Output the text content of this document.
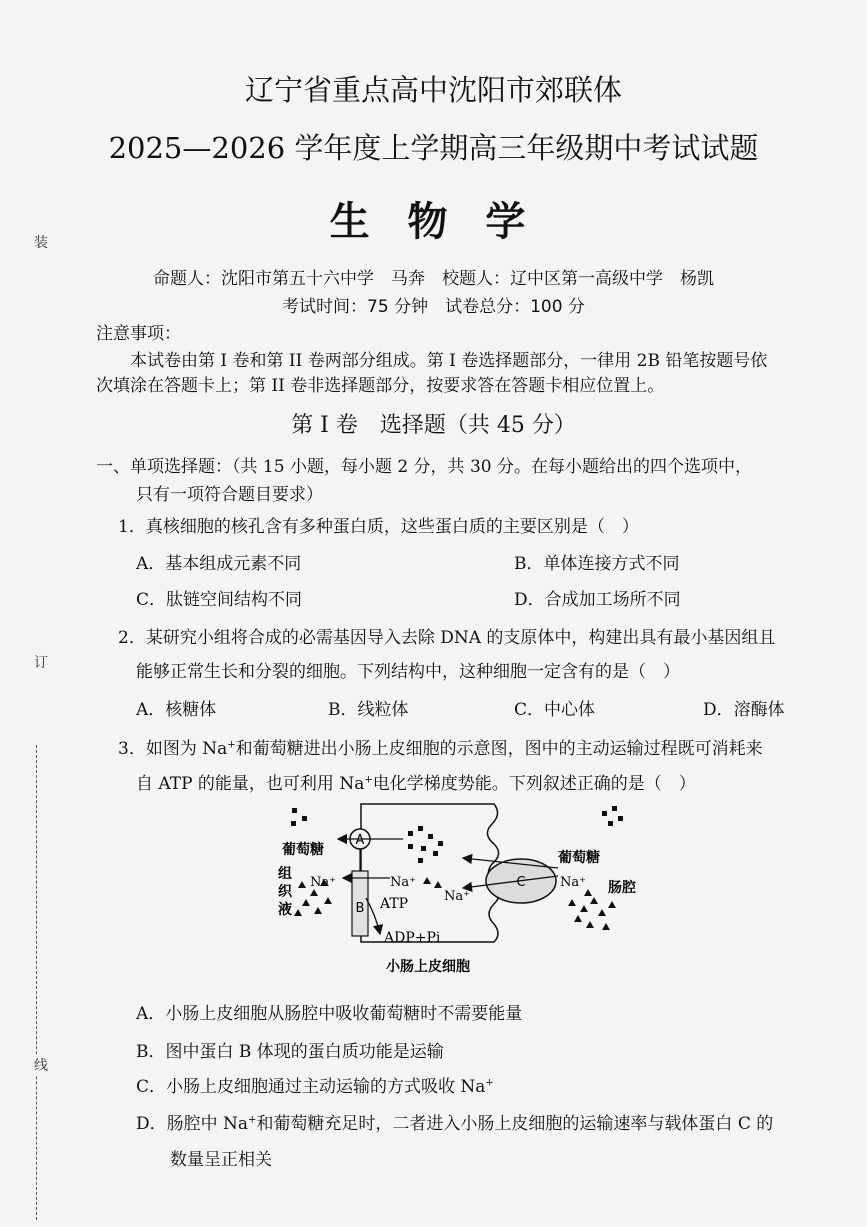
装
订
线
辽宁省重点高中沈阳市郊联体
2025—2026 学年度上学期高三年级期中考试试题
生 物 学
命题人：沈阳市第五十六中学　马奔　校题人：辽中区第一高级中学　杨凯
考试时间：75 分钟　试卷总分：100 分
注意事项：
本试卷由第 I 卷和第 II 卷两部分组成。第 I 卷选择题部分，一律用 2B 铅笔按题号依
次填涂在答题卡上；第 II 卷非选择题部分，按要求答在答题卡相应位置上。
第 I 卷　选择题（共 45 分）
一、单项选择题：（共 15 小题，每小题 2 分，共 30 分。在每小题给出的四个选项中，
只有一项符合题目要求）
1．真核细胞的核孔含有多种蛋白质，这些蛋白质的主要区别是（　）
A．基本组成元素不同	B．单体连接方式不同
C．肽链空间结构不同	D．合成加工场所不同
2．某研究小组将合成的必需基因导入去除 DNA 的支原体中，构建出具有最小基因组且
能够正常生长和分裂的细胞。下列结构中，这种细胞一定含有的是（　）
A．核糖体	B．线粒体	C．中心体	D．溶酶体
3．如图为 Na+和葡萄糖进出小肠上皮细胞的示意图，图中的主动运输过程既可消耗来
自 ATP 的能量，也可利用 Na+电化学梯度势能。下列叙述正确的是（　）
A
B
C
葡萄糖
组
织
液
Na⁺	Na⁺
Na⁺
ATP
ADP+Pi
葡萄糖
Na⁺ 肠腔
小肠上皮细胞
A．小肠上皮细胞从肠腔中吸收葡萄糖时不需要能量
B．图中蛋白 B 体现的蛋白质功能是运输
C．小肠上皮细胞通过主动运输的方式吸收 Na+
D．肠腔中 Na+和葡萄糖充足时，二者进入小肠上皮细胞的运输速率与载体蛋白 C 的
数量呈正相关
